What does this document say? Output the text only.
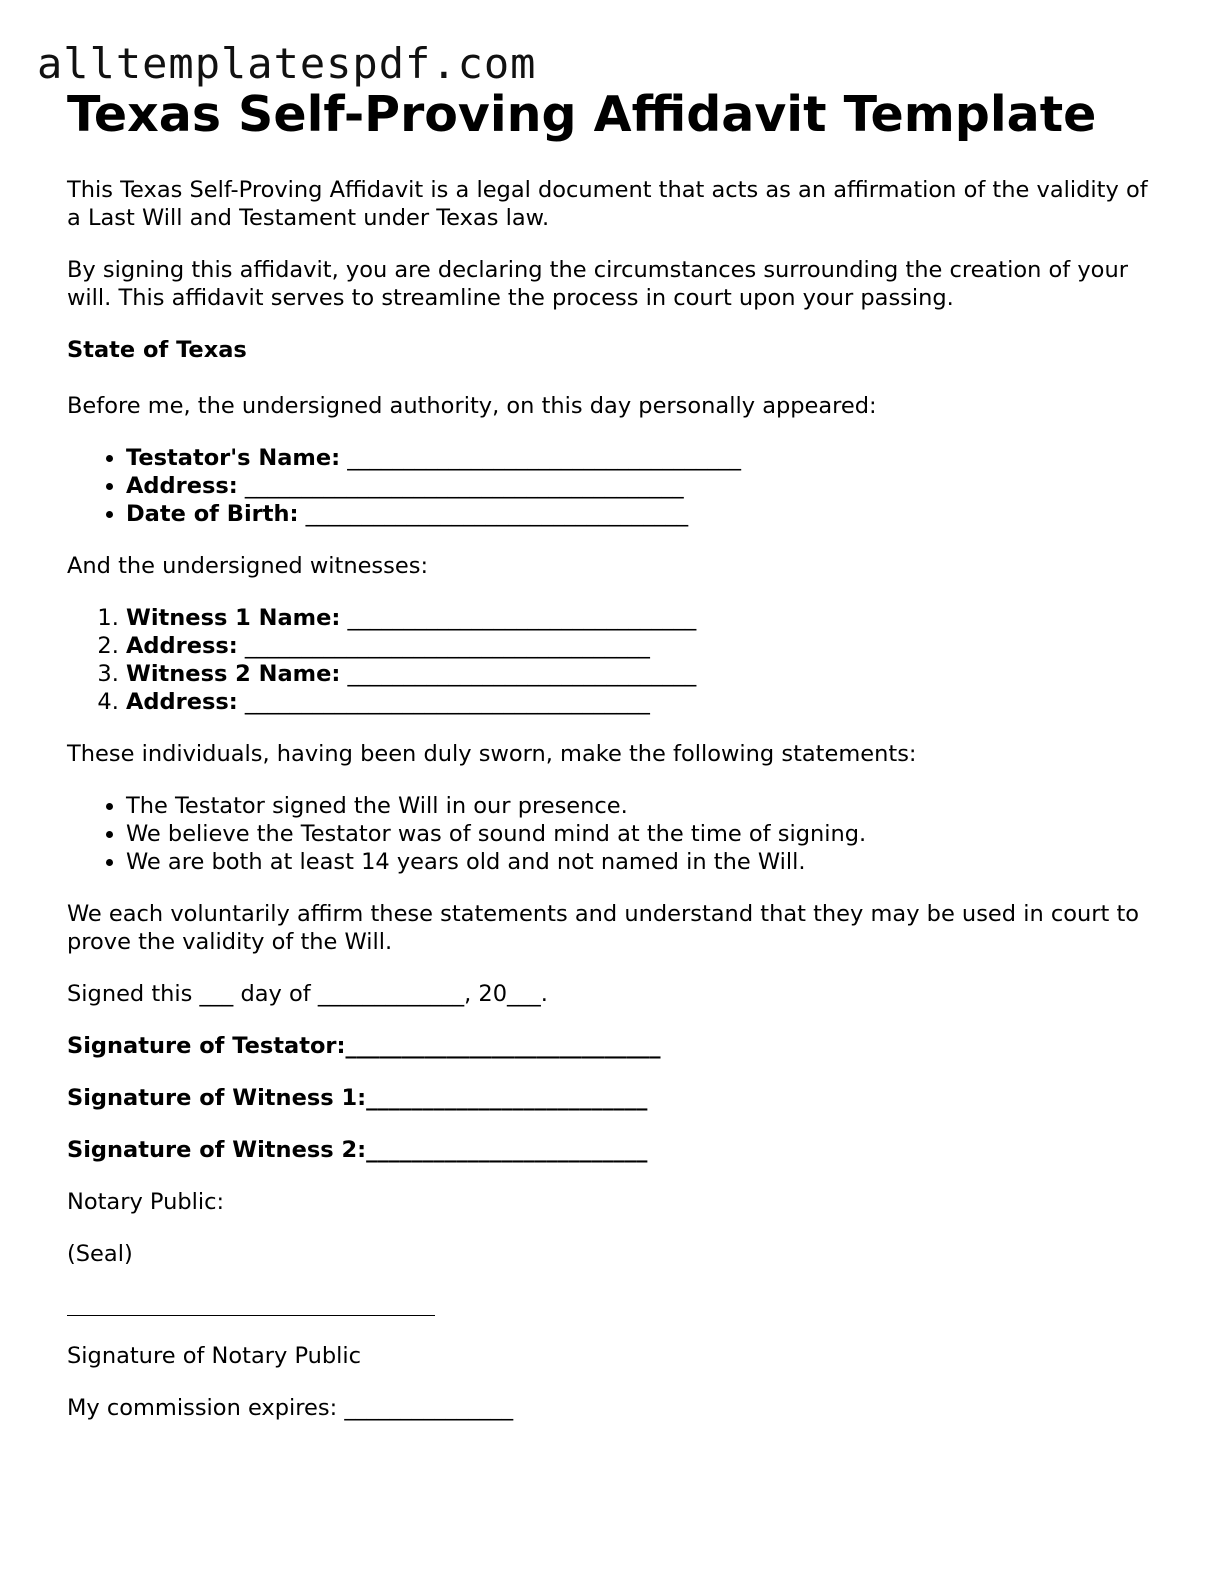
alltemplatespdf.com
Texas Self-Proving Affidavit Template

This Texas Self-Proving Affidavit is a legal document that acts as an affirmation of the validity of a Last Will and Testament under Texas law.

By signing this affidavit, you are declaring the circumstances surrounding the creation of your will. This affidavit serves to streamline the process in court upon your passing.

State of Texas

Before me, the undersigned authority, on this day personally appeared:

• Testator's Name: ___________________________________
• Address: _______________________________________
• Date of Birth: __________________________________

And the undersigned witnesses:

1. Witness 1 Name: _______________________________
2. Address: ____________________________________
3. Witness 2 Name: _______________________________
4. Address: ____________________________________

These individuals, having been duly sworn, make the following statements:

• The Testator signed the Will in our presence.
• We believe the Testator was of sound mind at the time of signing.
• We are both at least 14 years old and not named in the Will.

We each voluntarily affirm these statements and understand that they may be used in court to prove the validity of the Will.

Signed this ___ day of _____________, 20___.

Signature of Testator:____________________________

Signature of Witness 1:_________________________

Signature of Witness 2:_________________________

Notary Public:

(Seal)

Signature of Notary Public

My commission expires: _______________
